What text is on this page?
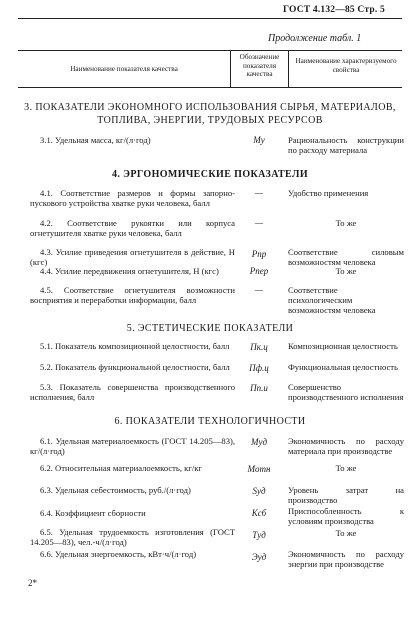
ГОСТ 4.132—85 Стр. 5
Продолжение табл. 1
Наименование показателя качества
Обозначение показателя качества
Наименование характеризуемого свойства
3. ПОКАЗАТЕЛИ ЭКОНОМНОГО ИСПОЛЬЗОВАНИЯ СЫРЬЯ, МАТЕРИАЛОВ, ТОПЛИВА, ЭНЕРГИИ, ТРУДОВЫХ РЕСУРСОВ
3.1. Удельная масса, кг/(л·год)	Mу	Рациональность конструкции по расходу материала
4. ЭРГОНОМИЧЕСКИЕ ПОКАЗАТЕЛИ
4.1. Соответствие размеров и формы запорно-пускового устройства хватке руки человека, балл
—	Удобство применения
4.2. Соответствие рукоятки или корпуса огнетушителя хватке руки человека, балл
—	То же
4.3. Усилие приведения огнетушителя в действие, Н (кгс)
Pпр	Соответствие силовым возможностям человека
4.4. Усилие передвижения огнетушителя, Н (кгс)	Pпер	То же
4.5. Соответствие огнетушителя возможности восприятия и переработки информации, балл
—	Соответствие психологическим возможностям человека
5. ЭСТЕТИЧЕСКИЕ ПОКАЗАТЕЛИ
5.1. Показатель композиционной целостности, балл	Пк.ц	Композиционная целостность
5.2. Показатель функциональной целостности, балл	Пф.ц	Функциональная целостность
5.3. Показатель совершенства производственного исполнения, балл
Пп.и	Совершенство производственного исполнения
6. ПОКАЗАТЕЛИ ТЕХНОЛОГИЧНОСТИ
6.1. Удельная материалоемкость (ГОСТ 14.205—83), кг/(л·год)
Mуд	Экономичность по расходу материала при производстве
6.2. Относительная материалоемкость, кг/кг	Mотн	То же
6.3. Удельная себестоимость, руб./(л·год)	Sуд	Уровень затрат на производство
6.4. Коэффициент сборности	Kсб	Приспособленность к условиям производства
6.5. Удельная трудоемкость изготовления (ГОСТ 14.205—83), чел.-ч/(л·год)
Tуд	То же
6.6. Удельная энергоемкость, кВт·ч/(л·год)	Эуд	Экономичность по расходу энергии при производстве
2*
